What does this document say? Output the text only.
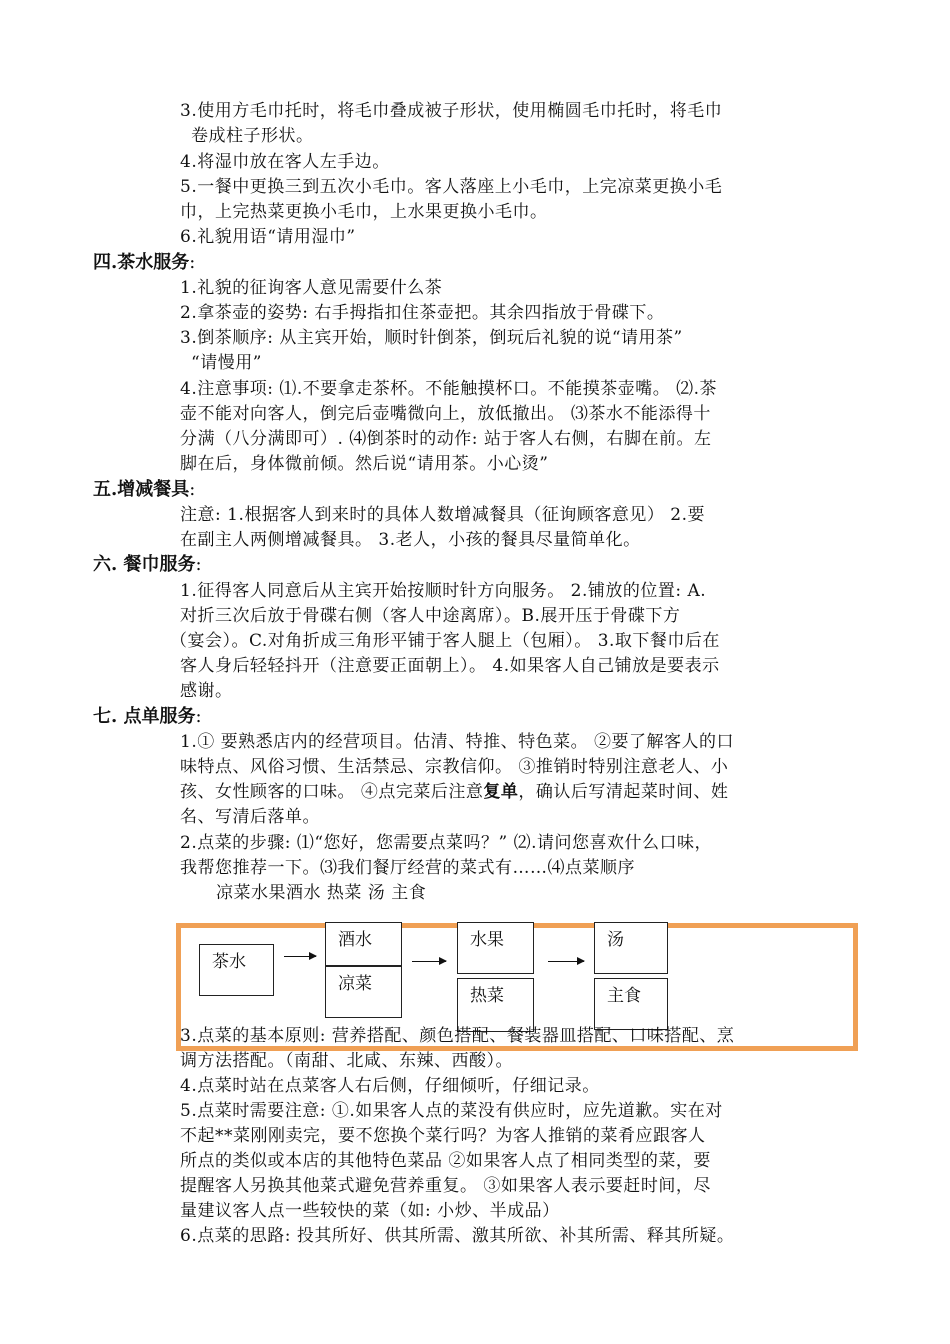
3.使用方毛巾托时，将毛巾叠成被子形状，使用椭圆毛巾托时，将毛巾
卷成柱子形状。
4.将湿巾放在客人左手边。
5.一餐中更换三到五次小毛巾。客人落座上小毛巾，上完凉菜更换小毛
巾，上完热菜更换小毛巾，上水果更换小毛巾。
6.礼貌用语“请用湿巾”
四.茶水服务:
1.礼貌的征询客人意见需要什么茶
2.拿茶壶的姿势: 右手拇指扣住茶壶把。其余四指放于骨碟下。
3.倒茶顺序: 从主宾开始，顺时针倒茶，倒玩后礼貌的说“请用茶”
“请慢用”
4.注意事项: ⑴.不要拿走茶杯。不能触摸杯口。不能摸茶壶嘴。 ⑵.茶
壶不能对向客人，倒完后壶嘴微向上，放低撤出。 ⑶茶水不能添得十
分满（八分满即可）. ⑷倒茶时的动作: 站于客人右侧，右脚在前。左
脚在后，身体微前倾。然后说“请用茶。小心烫”
五.增减餐具:
注意: 1.根据客人到来时的具体人数增减餐具（征询顾客意见） 2.要
在副主人两侧增减餐具。 3.老人，小孩的餐具尽量简单化。
六. 餐巾服务:
1.征得客人同意后从主宾开始按顺时针方向服务。 2.铺放的位置: A.
对折三次后放于骨碟右侧（客人中途离席）。B.展开压于骨碟下方
（宴会）。C.对角折成三角形平铺于客人腿上（包厢）。 3.取下餐巾后在
客人身后轻轻抖开（注意要正面朝上）。 4.如果客人自己铺放是要表示
感谢。
七. 点单服务:
1.① 要熟悉店内的经营项目。估清、特推、特色菜。 ②要了解客人的口
味特点、风俗习惯、生活禁忌、宗教信仰。 ③推销时特别注意老人、小
孩、女性顾客的口味。 ④点完菜后注意复单，确认后写清起菜时间、姓
名、写清后落单。
2.点菜的步骤: ⑴“您好，您需要点菜吗？” ⑵.请问您喜欢什么口味，
我帮您推荐一下。⑶我们餐厅经营的菜式有……⑷点菜顺序
凉菜水果酒水 热菜 汤 主食
茶水
酒水
凉菜
水果
热菜
汤
主食
3.点菜的基本原则: 营养搭配、颜色搭配、餐装器皿搭配、口味搭配、烹
调方法搭配。（南甜、北咸、东辣、西酸）。
4.点菜时站在点菜客人右后侧，仔细倾听，仔细记录。
5.点菜时需要注意: ①.如果客人点的菜没有供应时，应先道歉。实在对
不起**菜刚刚卖完，要不您换个菜行吗？为客人推销的菜肴应跟客人
所点的类似或本店的其他特色菜品 ②如果客人点了相同类型的菜，要
提醒客人另换其他菜式避免营养重复。 ③如果客人表示要赶时间，尽
量建议客人点一些较快的菜（如: 小炒、半成品）
6.点菜的思路: 投其所好、供其所需、激其所欲、补其所需、释其所疑。
